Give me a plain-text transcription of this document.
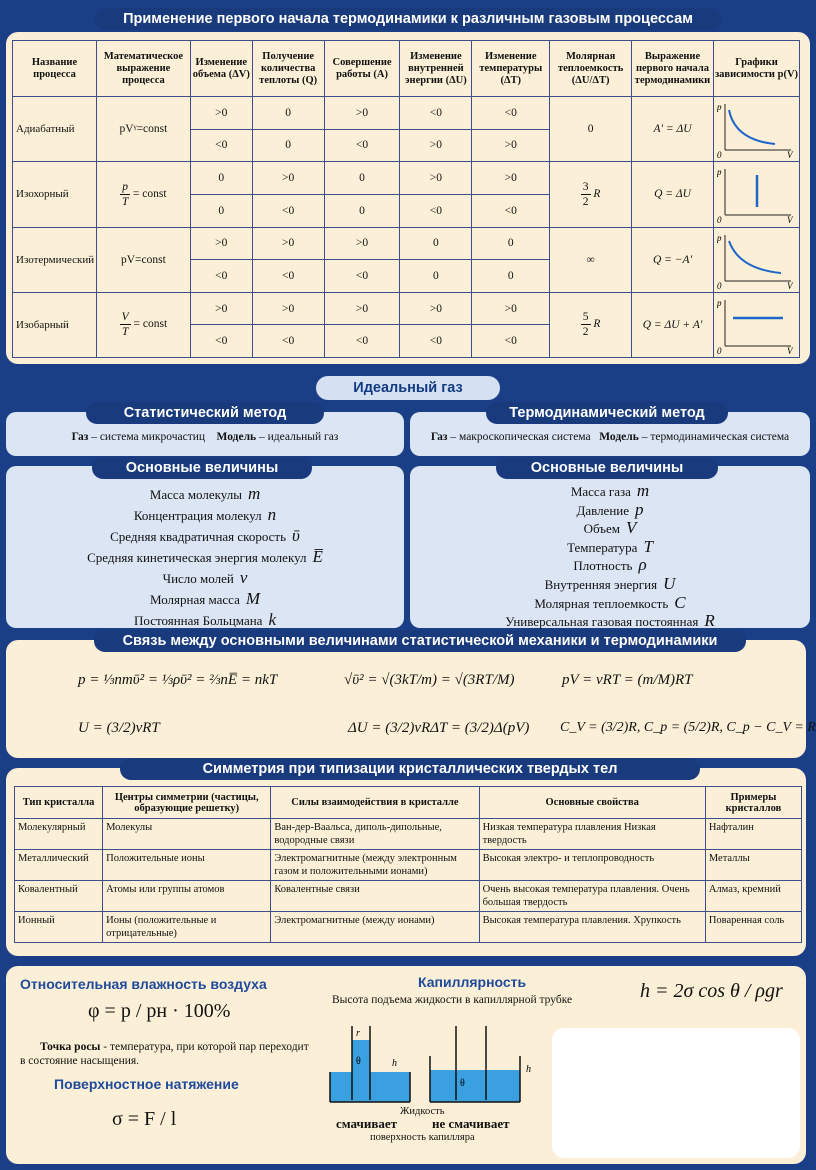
Применение первого начала термодинамики к различным газовым процессам
Название процесса	Математическое выражение процесса	Изменение объема (ΔV)	Получение количества теплоты (Q)	Совершение работы (A)	Изменение внутренней энергии (ΔU)	Изменение температуры (ΔT)	Молярная теплоемкость (ΔU/ΔT)	Выражение первого начала термодинамики	Графики зависимости p(V)
Адиабатный	pVᵞ=const	>0	0	>0	<0	<0	0	A' = ΔU	p
V
0

		<0	0	<0	>0	>0			
Изохорный	$\frac{p}{T}$ = const	0	>0	0	>0	>0	$\frac{3}{2}$ R	Q = ΔU	p
V
0

		0	<0	0	<0	<0			
Изотермический	pV=const	>0	>0	>0	0	0	∞	Q = −A'	p
V
0

		<0	<0	<0	0	0			
Изобарный	$\frac{V}{T}$ = const	>0	>0	>0	>0	>0	$\frac{5}{2}$ R	Q = ΔU + A'	p
V
0

		<0	<0	<0	<0	<0			
Идеальный газ
Статистический метод
Газ – система микрочастиц Модель – идеальный газ
Термодинамический метод
Газ – макроскопическая система Модель – термодинамическая система
Основные величины
Масса молекулы m
Концентрация молекул n
Средняя квадратичная скорость ῡ
Средняя кинетическая энергия молекул E̅
Число молей ν
Молярная масса M
Постоянная Больцмана k
Основные величины
Масса газа m
Давление p
Объем V
Температура T
Плотность ρ
Внутренняя энергия U
Молярная теплоемкость C
Универсальная газовая постоянная R
Связь между основными величинами статистической механики и термодинамики
p = ⅓nmῡ² = ⅓ρῡ² = ⅔nE̅ = nkT	√ῡ² = √(3kT/m) = √(3RT/M)	pV = νRT = (m/M)RT
U = (3/2)νRT	ΔU = (3/2)νRΔT = (3/2)Δ(pV) C_V = (3/2)R, C_p = (5/2)R, C_p − C_V = R
Симметрия при типизации кристаллических твердых тел
Тип кристалла	Центры симметрии (частицы, образующие решетку)	Силы взаимодействия в кристалле	Основные свойства	Примеры кристаллов
Молекулярный	Молекулы	Ван-дер-Ваальса, диполь-дипольные, водородные связи	Низкая температура плавления Низкая твердость	Нафталин
Металлический	Положительные ионы	Электромагнитные (между электронным газом и положительными ионами)	Высокая электро- и теплопроводность	Металлы
Ковалентный	Атомы или группы атомов	Ковалентные связи	Очень высокая температура плавления. Очень большая твердость	Алмаз, кремний
Ионный	Ионы (положительные и отрицательные)	Электромагнитные (между ионами)	Высокая температура плавления. Хрупкость	Поваренная соль
Относительная влажность воздуха
φ = p / pн · 100%
Точка росы - температура, при которой пар переходит в состояние насыщения.
Поверхностное натяжение
σ = F / l
Капиллярность
Высота подъема жидкости в капиллярной трубке	h = 2σ cos θ / ρgr
r
θ	h
θ
h
Жидкость
смачивает	не смачивает
поверхность капилляра
